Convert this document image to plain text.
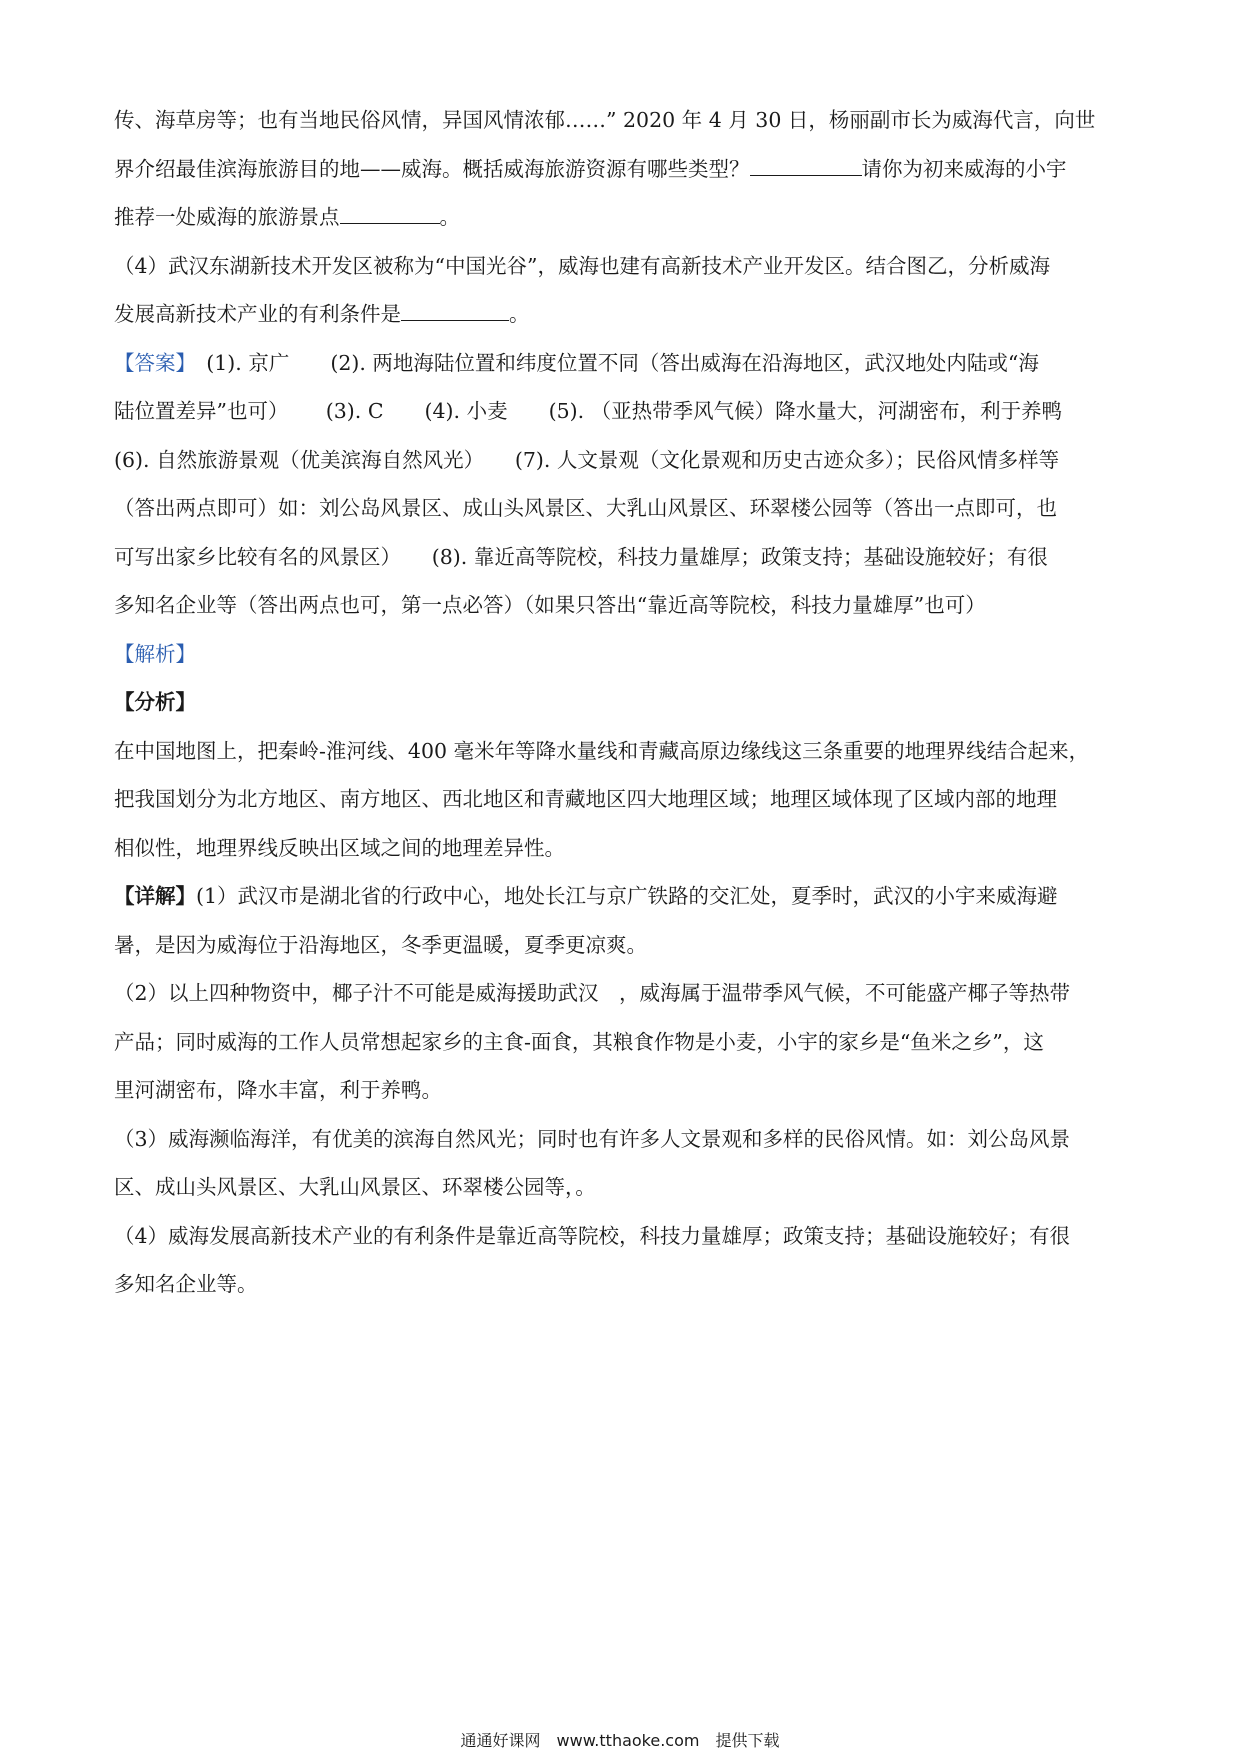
传、海草房等；也有当地民俗风情，异国风情浓郁……” 2020 年 4 月 30 日，杨丽副市长为威海代言，向世
界介绍最佳滨海旅游目的地——威海。概括威海旅游资源有哪些类型？	请你为初来威海的小宇
推荐一处威海的旅游景点	。
（4）武汉东湖新技术开发区被称为“中国光谷”，威海也建有高新技术产业开发区。结合图乙，分析威海
发展高新技术产业的有利条件是	。
【答案】　(1). 京广　　(2). 两地海陆位置和纬度位置不同（答出威海在沿海地区，武汉地处内陆或“海
陆位置差异”也可）　　 (3). C　　(4). 小麦　　(5). （亚热带季风气候）降水量大，河湖密布，利于养鸭
(6). 自然旅游景观（优美滨海自然风光）　　(7). 人文景观（文化景观和历史古迹众多）；民俗风情多样等
（答出两点即可）如：刘公岛风景区、成山头风景区、大乳山风景区、环翠楼公园等（答出一点即可，也
可写出家乡比较有名的风景区）　　(8). 靠近高等院校，科技力量雄厚；政策支持；基础设施较好；有很
多知名企业等（答出两点也可，第一点必答）（如果只答出“靠近高等院校，科技力量雄厚”也可）
【解析】
【分析】
在中国地图上，把秦岭-淮河线、400 毫米年等降水量线和青藏高原边缘线这三条重要的地理界线结合起来，
把我国划分为北方地区、南方地区、西北地区和青藏地区四大地理区域；地理区域体现了区域内部的地理
相似性，地理界线反映出区域之间的地理差异性。
【详解】(1）武汉市是湖北省的行政中心，地处长江与京广铁路的交汇处，夏季时，武汉的小宇来威海避
暑，是因为威海位于沿海地区，冬季更温暖，夏季更凉爽。
（2）以上四种物资中，椰子汁不可能是威海援助武汉　，威海属于温带季风气候，不可能盛产椰子等热带
产品；同时威海的工作人员常想起家乡的主食-面食，其粮食作物是小麦，小宇的家乡是“鱼米之乡”，这
里河湖密布，降水丰富，利于养鸭。
（3）威海濒临海洋，有优美的滨海自然风光；同时也有许多人文景观和多样的民俗风情。如：刘公岛风景
区、成山头风景区、大乳山风景区、环翠楼公园等，。
（4）威海发展高新技术产业的有利条件是靠近高等院校，科技力量雄厚；政策支持；基础设施较好；有很
多知名企业等。
通通好课网　www.tthaoke.com　提供下载
